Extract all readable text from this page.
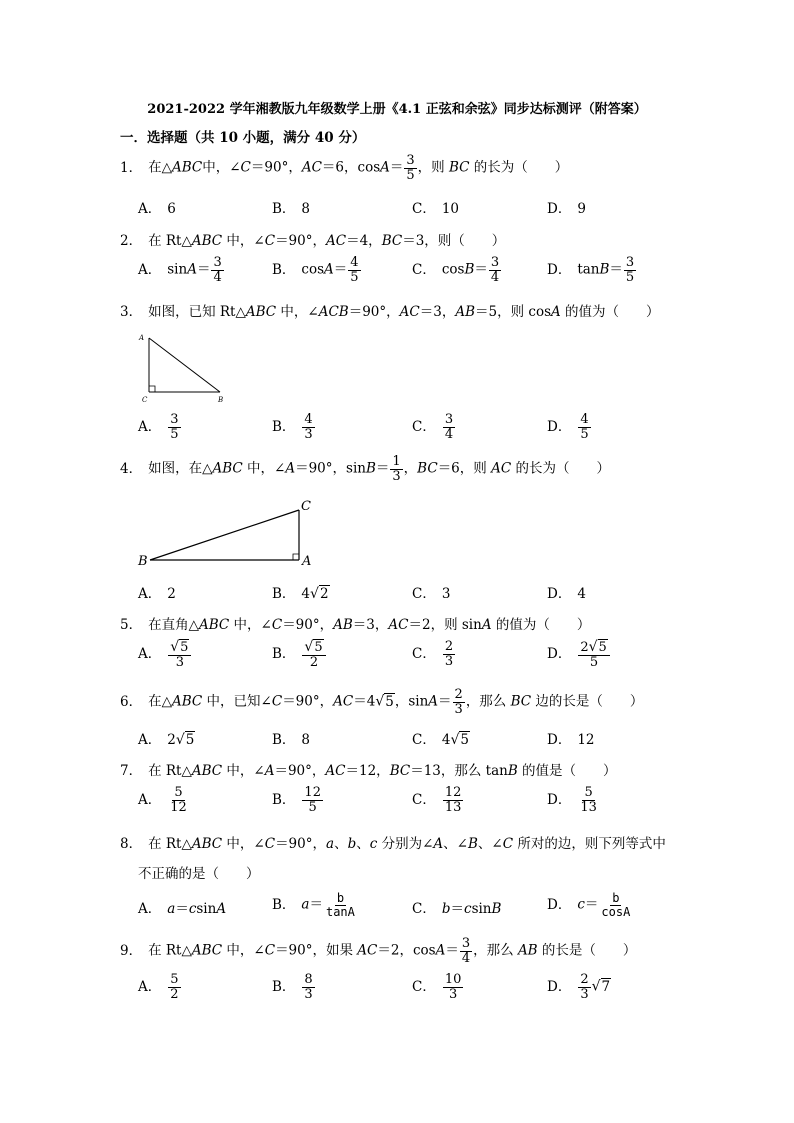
2021-2022 学年湘教版九年级数学上册《4.1 正弦和余弦》同步达标测评（附答案）
一．选择题（共 10 小题，满分 40 分）
1． 在△ABC中，∠C＝90°，AC＝6，$\cos A= \frac{3}{5}$ ，则 BC 的长为（　　）
A． 6	B． 8	C． 10	D． 9
2． 在 Rt△ABC 中，∠C＝90°，AC＝4，BC＝3，则（　　）
A． $\sin A= \frac{3}{4}$	B． $\cos A= \frac{4}{5}$	C． $\cos B= \frac{3}{4}$	D． $\tan B= \frac{3}{5}$
3． 如图，已知 Rt△ABC 中，∠ACB＝90°，AC＝3，AB＝5，则 cosA 的值为（　　）
A
C	B
A． $\frac{3}{5}$	B． $\frac{4}{3}$	C． $\frac{3}{4}$	D． $\frac{4}{5}$
4． 如图，在△ABC 中，∠A＝90°，$\sin B= \frac{1}{3}$ ，BC＝6，则 AC 的长为（　　）
C
B	A
A． 2	B． 4√2	C． 3	D． 4
5． 在直角△ABC 中，∠C＝90°，AB＝3，AC＝2，则 sinA 的值为（　　）
A． $\frac{√5}{3}$	B． $\frac{√5}{2}$	C． $\frac{2}{3}$	D． $\frac{2√5}{5}$
6． 在△ABC 中，已知∠C＝90°，AC＝4√5，$\sin A= \frac{2}{3}$ ，那么 BC 边的长是（　　）
A． 2√5	B． 8	C． 4√5	D． 12
7． 在 Rt△ABC 中，∠A＝90°，AC＝12，BC＝13，那么 tanB 的值是（　　）
A． $\frac{5}{12}$	B． $\frac{12}{5}$	C． $\frac{12}{13}$	D． $\frac{5}{13}$
8． 在 Rt△ABC 中，∠C＝90°，a、b、c 分别为∠A、∠B、∠C 所对的边，则下列等式中
不正确的是（　　）
A． a＝csinA	B． $a= \frac{b}{\tan A}$	C． b＝csinB	D． $c= \frac{b}{\cos A}$
9． 在 Rt△ABC 中，∠C＝90°，如果 AC＝2，$\cos A= \frac{3}{4}$ ，那么 AB 的长是（　　）
A． $\frac{5}{2}$	B． $\frac{8}{3}$	C． $\frac{10}{3}$	D． $\frac{2}{3} √7$
